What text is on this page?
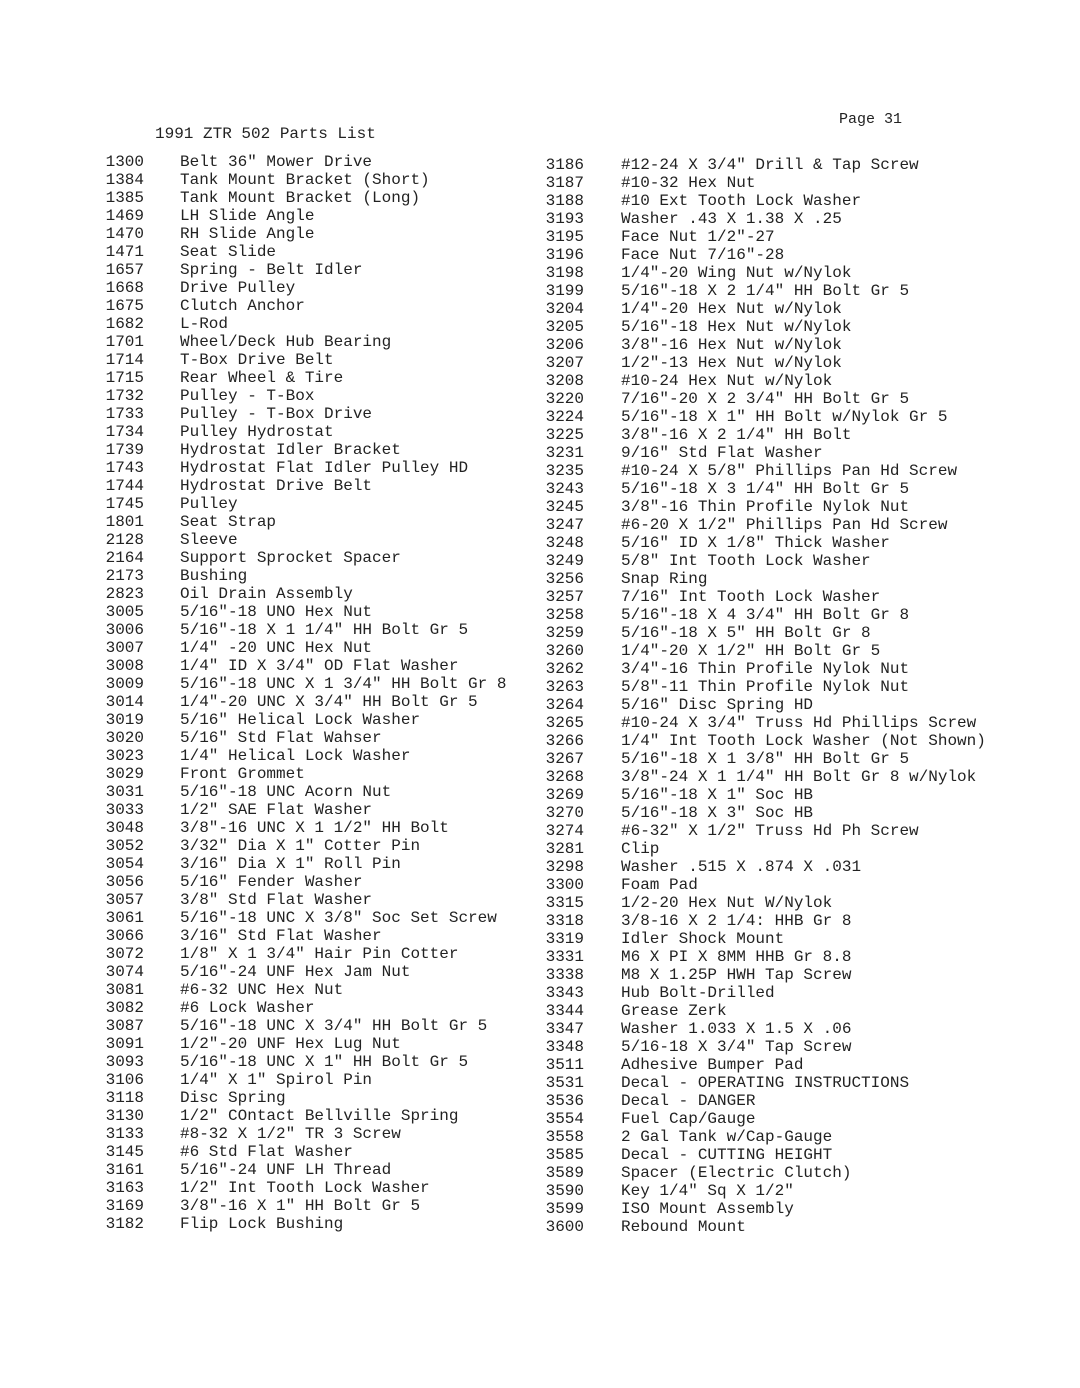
Page 31
1991 ZTR 502 Parts List
1300 Belt 36" Mower Drive
1384 Tank Mount Bracket (Short)
1385 Tank Mount Bracket (Long)
1469 LH Slide Angle
1470 RH Slide Angle
1471 Seat Slide
1657 Spring - Belt Idler
1668 Drive Pulley
1675 Clutch Anchor
1682 L-Rod
1701 Wheel/Deck Hub Bearing
1714 T-Box Drive Belt
1715 Rear Wheel & Tire
1732 Pulley - T-Box
1733 Pulley - T-Box Drive
1734 Pulley Hydrostat
1739 Hydrostat Idler Bracket
1743 Hydrostat Flat Idler Pulley HD
1744 Hydrostat Drive Belt
1745 Pulley
1801 Seat Strap
2128 Sleeve
2164 Support Sprocket Spacer
2173 Bushing
2823 Oil Drain Assembly
3005 5/16"-18 UNO Hex Nut
3006 5/16"-18 X 1 1/4" HH Bolt Gr 5
3007 1/4" -20 UNC Hex Nut
3008 1/4" ID X 3/4" OD Flat Washer
3009 5/16"-18 UNC X 1 3/4" HH Bolt Gr 8
3014 1/4"-20 UNC X 3/4" HH Bolt Gr 5
3019 5/16" Helical Lock Washer
3020 5/16" Std Flat Wahser
3023 1/4" Helical Lock Washer
3029 Front Grommet
3031 5/16"-18 UNC Acorn Nut
3033 1/2" SAE Flat Washer
3048 3/8"-16 UNC X 1 1/2" HH Bolt
3052 3/32" Dia X 1" Cotter Pin
3054 3/16" Dia X 1" Roll Pin
3056 5/16" Fender Washer
3057 3/8" Std Flat Washer
3061 5/16"-18 UNC X 3/8" Soc Set Screw
3066 3/16" Std Flat Washer
3072 1/8" X 1 3/4" Hair Pin Cotter
3074 5/16"-24 UNF Hex Jam Nut
3081 #6-32 UNC Hex Nut
3082 #6 Lock Washer
3087 5/16"-18 UNC X 3/4" HH Bolt Gr 5
3091 1/2"-20 UNF Hex Lug Nut
3093 5/16"-18 UNC X 1" HH Bolt Gr 5
3106 1/4" X 1" Spirol Pin
3118 Disc Spring
3130 1/2" COntact Bellville Spring
3133 #8-32 X 1/2" TR 3 Screw
3145 #6 Std Flat Washer
3161 5/16"-24 UNF LH Thread
3163 1/2" Int Tooth Lock Washer
3169 3/8"-16 X 1" HH Bolt Gr 5
3182 Flip Lock Bushing
3186 #12-24 X 3/4" Drill & Tap Screw
3187 #10-32 Hex Nut
3188 #10 Ext Tooth Lock Washer
3193 Washer .43 X 1.38 X .25
3195 Face Nut 1/2"-27
3196 Face Nut 7/16"-28
3198 1/4"-20 Wing Nut w/Nylok
3199 5/16"-18 X 2 1/4" HH Bolt Gr 5
3204 1/4"-20 Hex Nut w/Nylok
3205 5/16"-18 Hex Nut w/Nylok
3206 3/8"-16 Hex Nut w/Nylok
3207 1/2"-13 Hex Nut w/Nylok
3208 #10-24 Hex Nut w/Nylok
3220 7/16"-20 X 2 3/4" HH Bolt Gr 5
3224 5/16"-18 X 1" HH Bolt w/Nylok Gr 5
3225 3/8"-16 X 2 1/4" HH Bolt
3231 9/16" Std Flat Washer
3235 #10-24 X 5/8" Phillips Pan Hd Screw
3243 5/16"-18 X 3 1/4" HH Bolt Gr 5
3245 3/8"-16 Thin Profile Nylok Nut
3247 #6-20 X 1/2" Phillips Pan Hd Screw
3248 5/16" ID X 1/8" Thick Washer
3249 5/8" Int Tooth Lock Washer
3256 Snap Ring
3257 7/16" Int Tooth Lock Washer
3258 5/16"-18 X 4 3/4" HH Bolt Gr 8
3259 5/16"-18 X 5" HH Bolt Gr 8
3260 1/4"-20 X 1/2" HH Bolt Gr 5
3262 3/4"-16 Thin Profile Nylok Nut
3263 5/8"-11 Thin Profile Nylok Nut
3264 5/16" Disc Spring HD
3265 #10-24 X 3/4" Truss Hd Phillips Screw
3266 1/4" Int Tooth Lock Washer (Not Shown)
3267 5/16"-18 X 1 3/8" HH Bolt Gr 5
3268 3/8"-24 X 1 1/4" HH Bolt Gr 8 w/Nylok
3269 5/16"-18 X 1" Soc HB
3270 5/16"-18 X 3" Soc HB
3274 #6-32" X 1/2" Truss Hd Ph Screw
3281 Clip
3298 Washer .515 X .874 X .031
3300 Foam Pad
3315 1/2-20 Hex Nut W/Nylok
3318 3/8-16 X 2 1/4: HHB Gr 8
3319 Idler Shock Mount
3331 M6 X PI X 8MM HHB Gr 8.8
3338 M8 X 1.25P HWH Tap Screw
3343 Hub Bolt-Drilled
3344 Grease Zerk
3347 Washer 1.033 X 1.5 X .06
3348 5/16-18 X 3/4" Tap Screw
3511 Adhesive Bumper Pad
3531 Decal - OPERATING INSTRUCTIONS
3536 Decal - DANGER
3554 Fuel Cap/Gauge
3558 2 Gal Tank w/Cap-Gauge
3585 Decal - CUTTING HEIGHT
3589 Spacer (Electric Clutch)
3590 Key 1/4" Sq X 1/2"
3599 ISO Mount Assembly
3600 Rebound Mount
